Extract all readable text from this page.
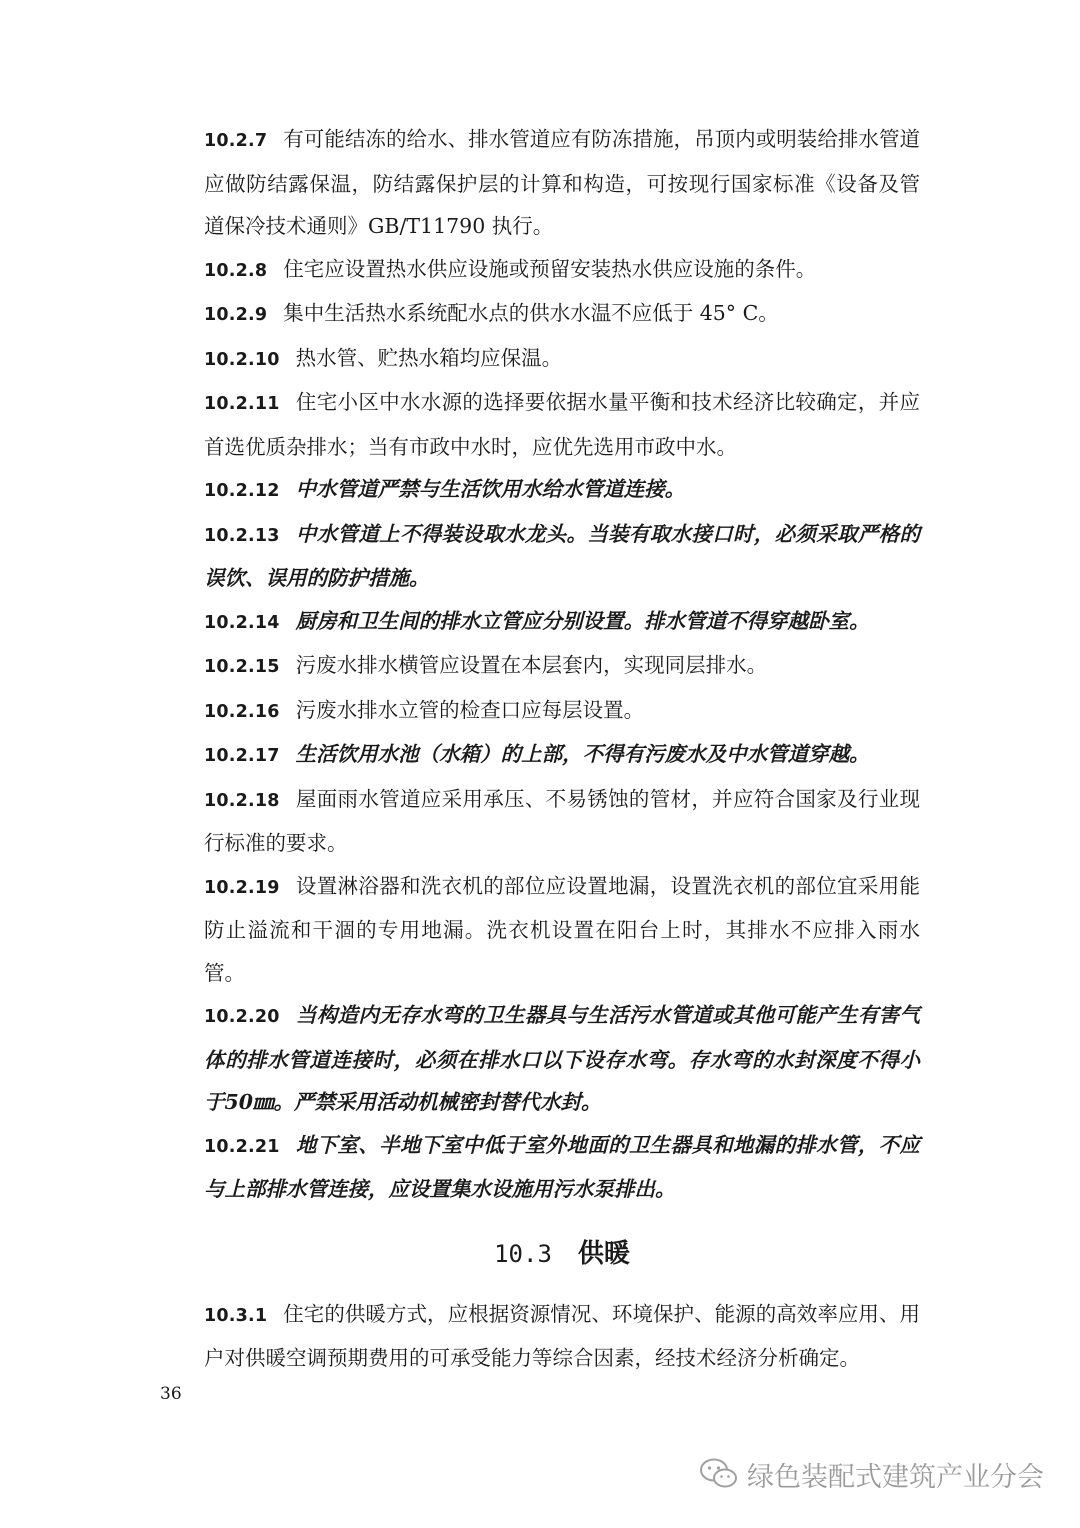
10.2.7 有可能结冻的给水、排水管道应有防冻措施，吊顶内或明装给排水管道应做防结露保温，防结露保护层的计算和构造，可按现行国家标准《设备及管道保冷技术通则》GB/T11790 执行。

10.2.8 住宅应设置热水供应设施或预留安装热水供应设施的条件。

10.2.9 集中生活热水系统配水点的供水水温不应低于 45° C。

10.2.10 热水管、贮热水箱均应保温。

10.2.11 住宅小区中水水源的选择要依据水量平衡和技术经济比较确定，并应首选优质杂排水；当有市政中水时，应优先选用市政中水。

10.2.12 中水管道严禁与生活饮用水给水管道连接。

10.2.13 中水管道上不得装设取水龙头。当装有取水接口时，必须采取严格的误饮、误用的防护措施。

10.2.14 厨房和卫生间的排水立管应分别设置。排水管道不得穿越卧室。

10.2.15 污废水排水横管应设置在本层套内，实现同层排水。

10.2.16 污废水排水立管的检查口应每层设置。

10.2.17 生活饮用水池（水箱）的上部，不得有污废水及中水管道穿越。

10.2.18 屋面雨水管道应采用承压、不易锈蚀的管材，并应符合国家及行业现行标准的要求。

10.2.19 设置淋浴器和洗衣机的部位应设置地漏，设置洗衣机的部位宜采用能防止溢流和干涸的专用地漏。洗衣机设置在阳台上时，其排水不应排入雨水管。

10.2.20 当构造内无存水弯的卫生器具与生活污水管道或其他可能产生有害气体的排水管道连接时，必须在排水口以下设存水弯。存水弯的水封深度不得小于50㎜。严禁采用活动机械密封替代水封。

10.2.21 地下室、半地下室中低于室外地面的卫生器具和地漏的排水管，不应与上部排水管连接，应设置集水设施用污水泵排出。

10.3 供暖

10.3.1 住宅的供暖方式，应根据资源情况、环境保护、能源的高效率应用、用户对供暖空调预期费用的可承受能力等综合因素，经技术经济分析确定。

36
绿色装配式建筑产业分会
